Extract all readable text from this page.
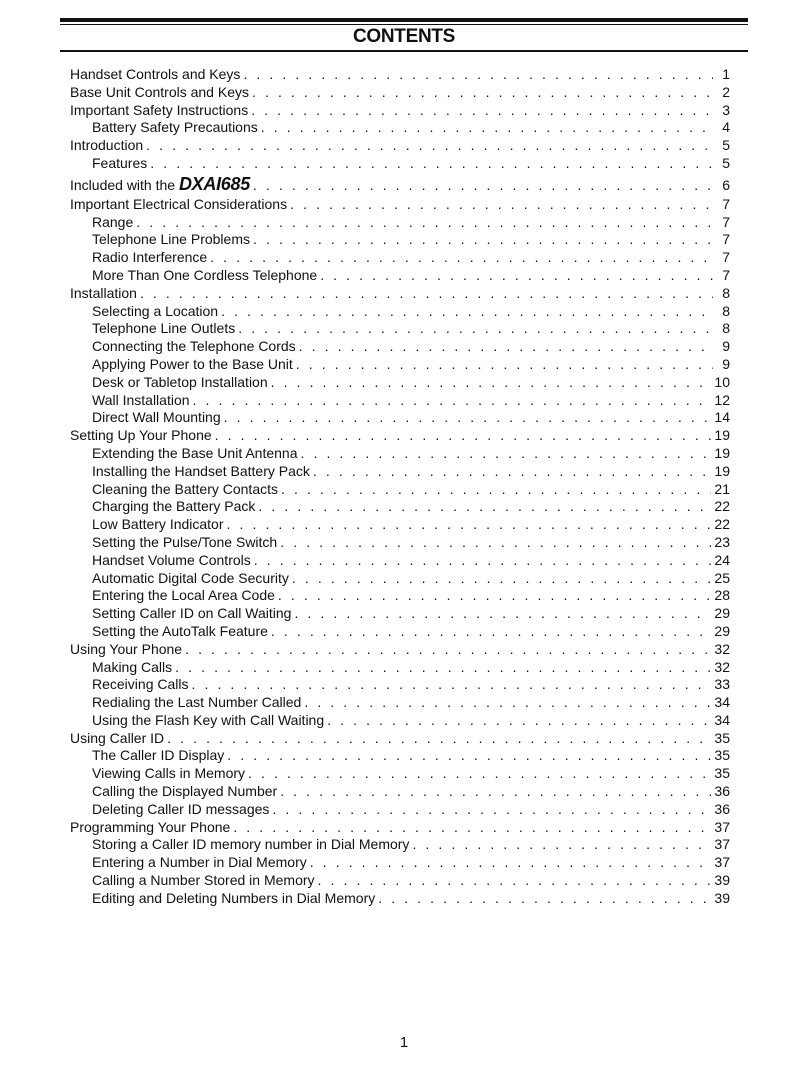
CONTENTS
Handset Controls and Keys . . .	1
Base Unit Controls and Keys . . .	2
Important Safety Instructions . . .	3
Battery Safety Precautions . . .	4
Introduction . . .	5
Features . . .	5
Included with the DXAI685 . . .	6
Important Electrical Considerations . . .	7
Range . . .	7
Telephone Line Problems . . .	7
Radio Interference . . .	7
More Than One Cordless Telephone . . .	7
Installation . . .	8
Selecting a Location . . .	8
Telephone Line Outlets . . .	8
Connecting the Telephone Cords . . .	9
Applying Power to the Base Unit . . .	9
Desk or Tabletop Installation . . .	10
Wall Installation . . .	12
Direct Wall Mounting . . .	14
Setting Up Your Phone . . .	19
Extending the Base Unit Antenna . . .	19
Installing the Handset Battery Pack . . .	19
Cleaning the Battery Contacts . . .	21
Charging the Battery Pack . . .	22
Low Battery Indicator . . .	22
Setting the Pulse/Tone Switch . . .	23
Handset Volume Controls . . .	24
Automatic Digital Code Security . . .	25
Entering the Local Area Code . . .	28
Setting Caller ID on Call Waiting . . .	29
Setting the AutoTalk Feature . . .	29
Using Your Phone . . .	32
Making Calls . . .	32
Receiving Calls . . .	33
Redialing the Last Number Called . . .	34
Using the Flash Key with Call Waiting . . .	34
Using Caller ID . . .	35
The Caller ID Display . . .	35
Viewing Calls in Memory . . .	35
Calling the Displayed Number . . .	36
Deleting Caller ID messages . . .	36
Programming Your Phone . . .	37
Storing a Caller ID memory number in Dial Memory . . .	37
Entering a Number in Dial Memory . . .	37
Calling a Number Stored in Memory . . .	39
Editing and Deleting Numbers in Dial Memory . . .	39
1
